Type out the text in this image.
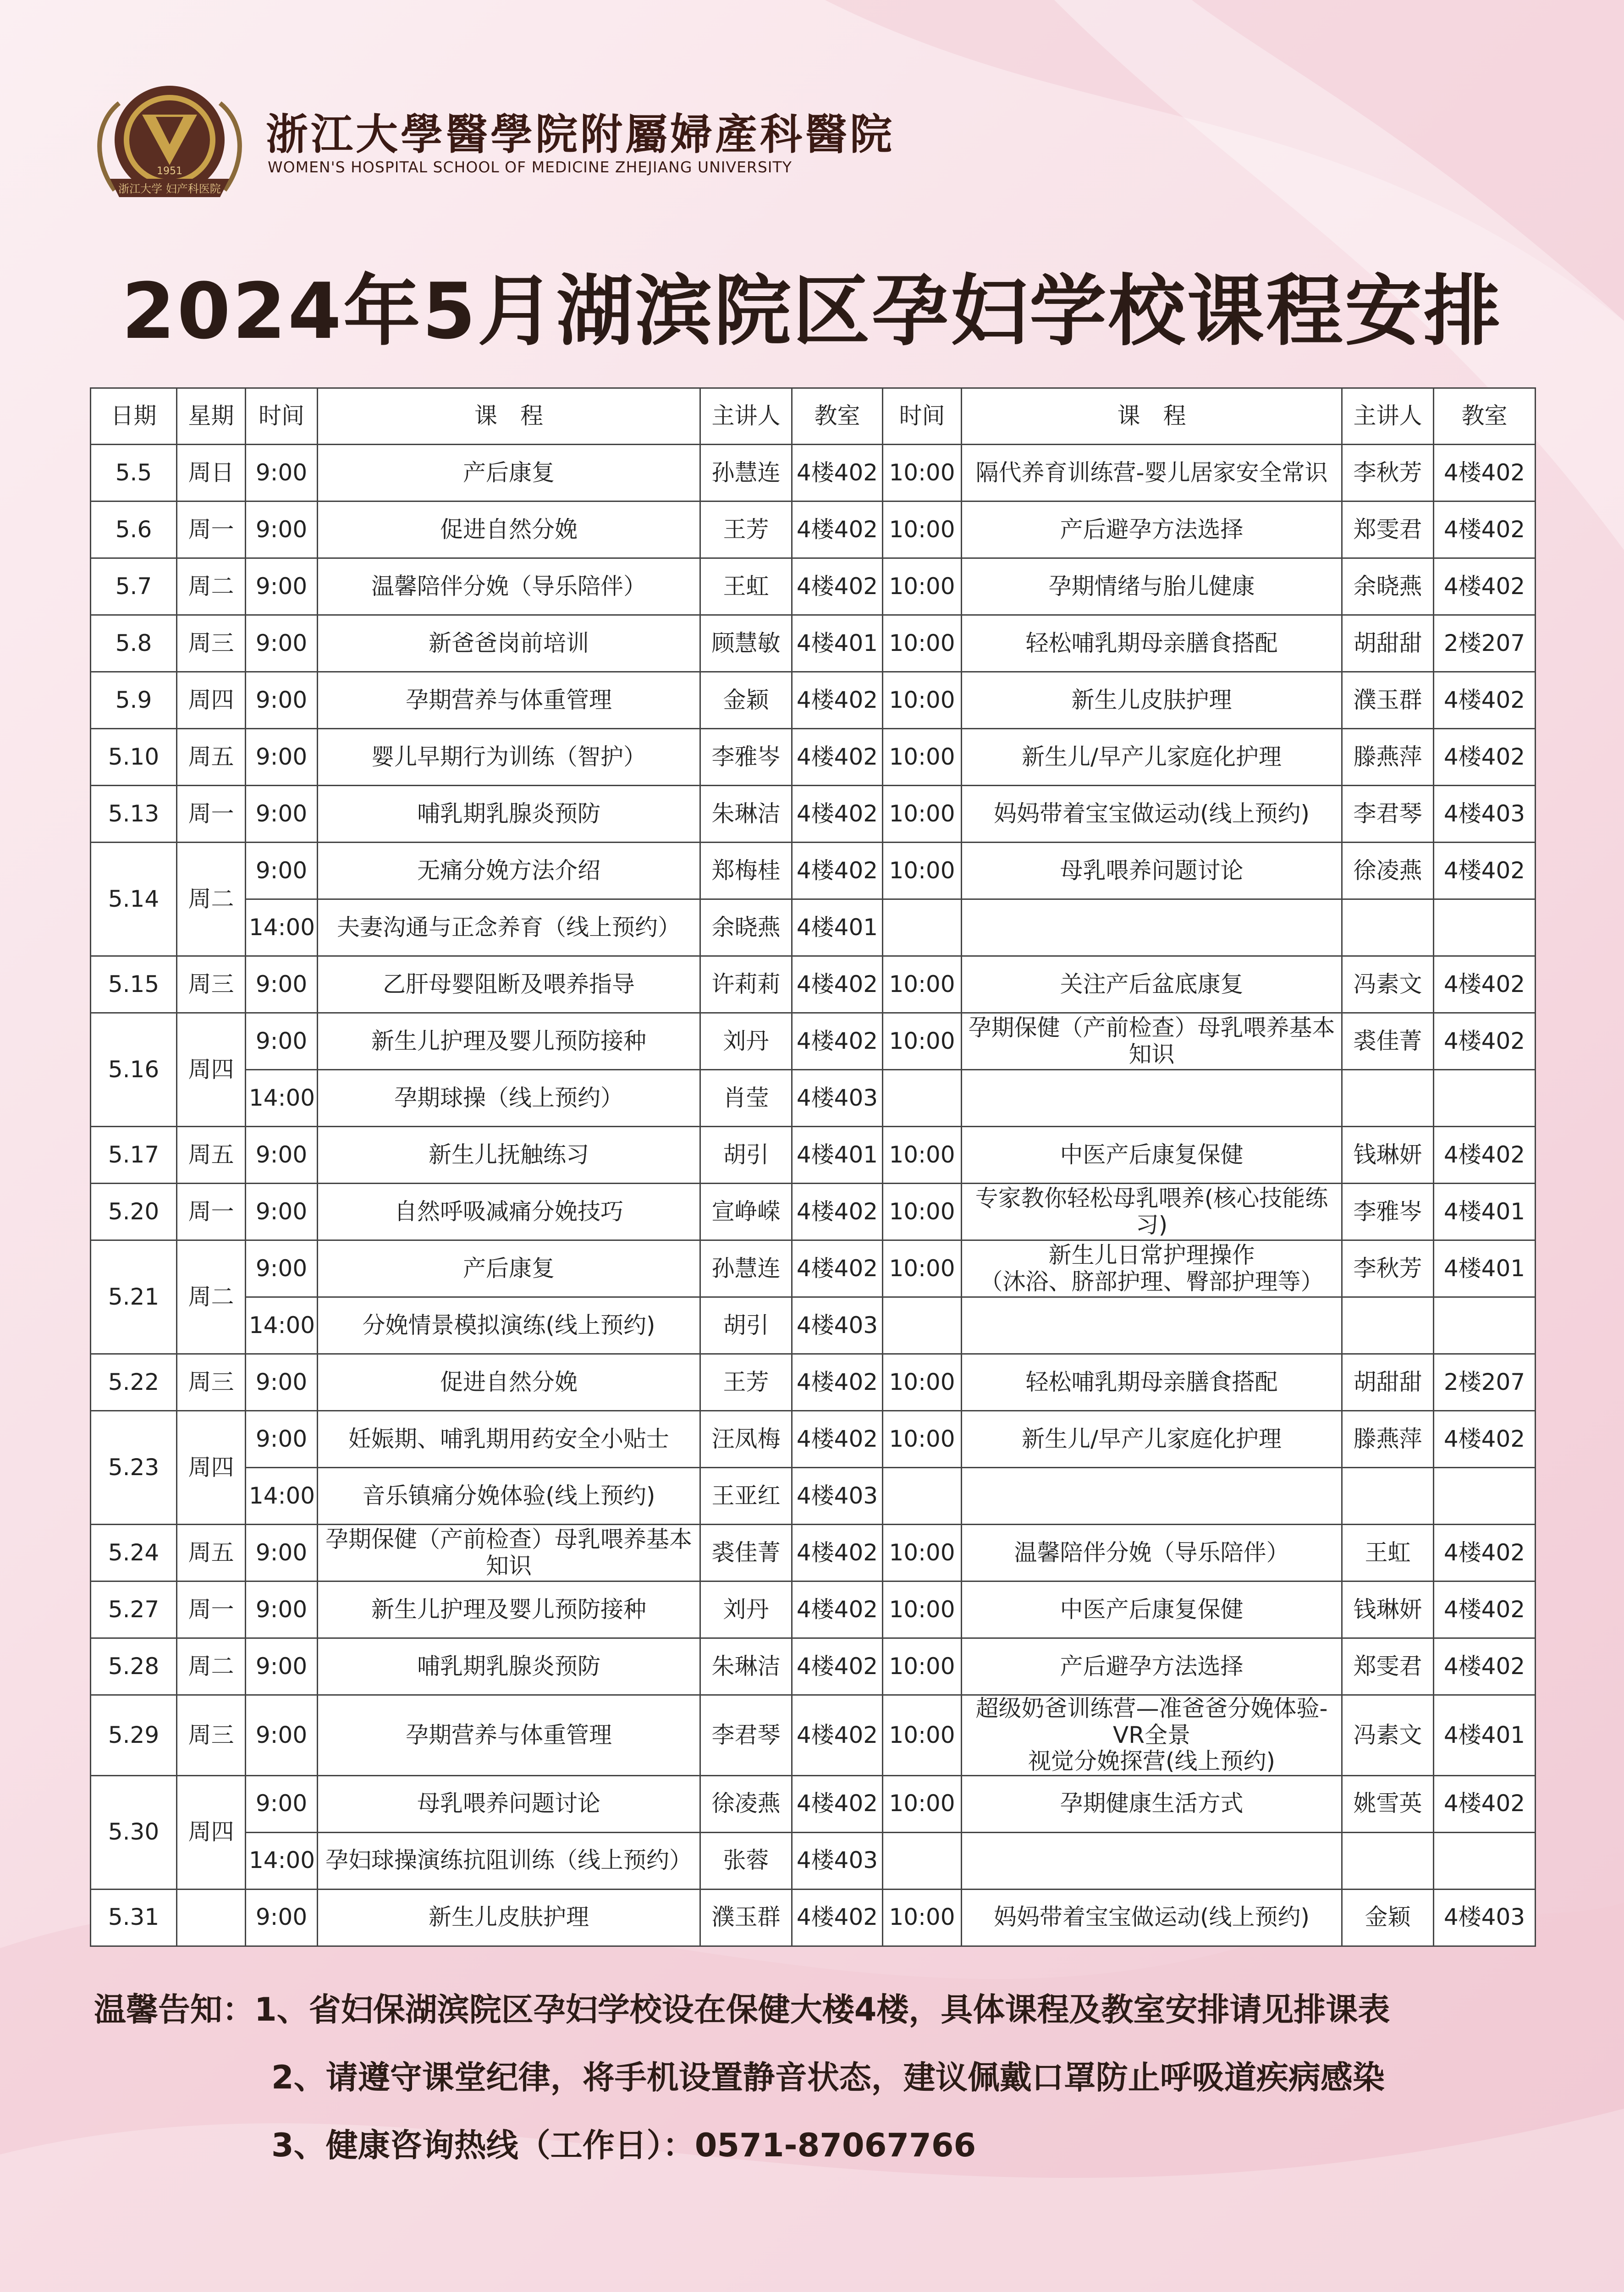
浙江大学 妇产科医院
1951
浙江大學醫學院附屬婦產科醫院
WOMEN'S HOSPITAL SCHOOL OF MEDICINE ZHEJIANG UNIVERSITY
2024年5月湖滨院区孕妇学校课程安排
日期	星期	时间	课　程	主讲人	教室	时间	课　程	主讲人	教室
5.5	周日	9:00	产后康复	孙慧连	4楼402	10:00	隔代养育训练营-婴儿居家安全常识	李秋芳	4楼402
5.6	周一	9:00	促进自然分娩	王芳	4楼402	10:00	产后避孕方法选择	郑雯君	4楼402
5.7	周二	9:00	温馨陪伴分娩（导乐陪伴）	王虹	4楼402	10:00	孕期情绪与胎儿健康	余晓燕	4楼402
5.8	周三	9:00	新爸爸岗前培训	顾慧敏	4楼401	10:00	轻松哺乳期母亲膳食搭配	胡甜甜	2楼207
5.9	周四	9:00	孕期营养与体重管理	金颖	4楼402	10:00	新生儿皮肤护理	濮玉群	4楼402
5.10	周五	9:00	婴儿早期行为训练（智护）	李雅岑	4楼402	10:00	新生儿/早产儿家庭化护理	滕燕萍	4楼402
5.13	周一	9:00	哺乳期乳腺炎预防	朱琳洁	4楼402	10:00	妈妈带着宝宝做运动(线上预约)	李君琴	4楼403
5.14	周二	9:00	无痛分娩方法介绍	郑梅桂	4楼402	10:00	母乳喂养问题讨论	徐凌燕	4楼402
		14:00	夫妻沟通与正念养育（线上预约）	余晓燕	4楼401				
5.15	周三	9:00	乙肝母婴阻断及喂养指导	许莉莉	4楼402	10:00	关注产后盆底康复	冯素文	4楼402
5.16	周四	9:00	新生儿护理及婴儿预防接种	刘丹	4楼402	10:00	孕期保健（产前检查）母乳喂养基本知识	裘佳菁	4楼402
		14:00	孕期球操（线上预约）	肖莹	4楼403				
5.17	周五	9:00	新生儿抚触练习	胡引	4楼401	10:00	中医产后康复保健	钱琳妍	4楼402
5.20	周一	9:00	自然呼吸减痛分娩技巧	宣峥嵘	4楼402	10:00	专家教你轻松母乳喂养(核心技能练习)	李雅岑	4楼401
5.21	周二	9:00	产后康复	孙慧连	4楼402	10:00	新生儿日常护理操作
（沐浴、脐部护理、臀部护理等）	李秋芳	4楼401
		14:00	分娩情景模拟演练(线上预约)	胡引	4楼403				
5.22	周三	9:00	促进自然分娩	王芳	4楼402	10:00	轻松哺乳期母亲膳食搭配	胡甜甜	2楼207
5.23	周四	9:00	妊娠期、哺乳期用药安全小贴士	汪凤梅	4楼402	10:00	新生儿/早产儿家庭化护理	滕燕萍	4楼402
		14:00	音乐镇痛分娩体验(线上预约)	王亚红	4楼403				
5.24	周五	9:00	孕期保健（产前检查）母乳喂养基本知识	裘佳菁	4楼402	10:00	温馨陪伴分娩（导乐陪伴）	王虹	4楼402
5.27	周一	9:00	新生儿护理及婴儿预防接种	刘丹	4楼402	10:00	中医产后康复保健	钱琳妍	4楼402
5.28	周二	9:00	哺乳期乳腺炎预防	朱琳洁	4楼402	10:00	产后避孕方法选择	郑雯君	4楼402
5.29	周三	9:00	孕期营养与体重管理	李君琴	4楼402	10:00	超级奶爸训练营—准爸爸分娩体验-VR全景
视觉分娩探营(线上预约)	冯素文	4楼401
5.30	周四	9:00	母乳喂养问题讨论	徐凌燕	4楼402	10:00	孕期健康生活方式	姚雪英	4楼402
		14:00	孕妇球操演练抗阻训练（线上预约）	张蓉	4楼403				
5.31		9:00	新生儿皮肤护理	濮玉群	4楼402	10:00	妈妈带着宝宝做运动(线上预约)	金颖	4楼403
温馨告知：1、省妇保湖滨院区孕妇学校设在保健大楼4楼，具体课程及教室安排请见排课表
2、请遵守课堂纪律，将手机设置静音状态，建议佩戴口罩防止呼吸道疾病感染
3、健康咨询热线（工作日）：0571-87067766
